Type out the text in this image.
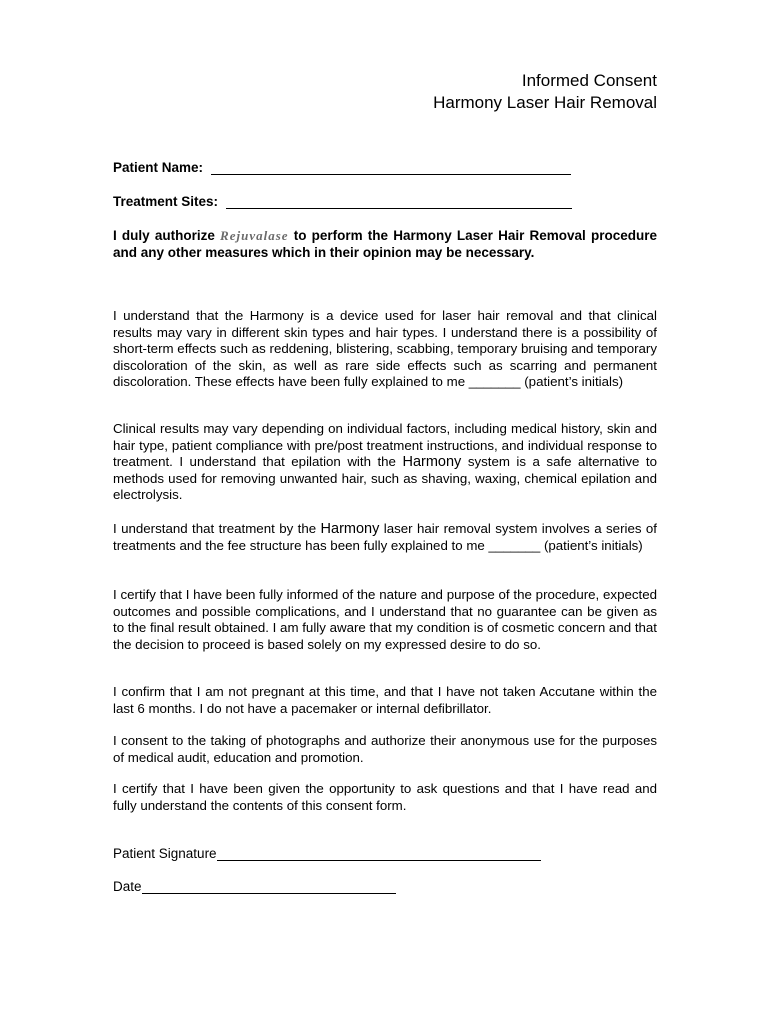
Informed Consent
Harmony Laser Hair Removal
Patient Name:
Treatment Sites:
I duly authorize Rejuvalase to perform the Harmony Laser Hair Removal procedure and any other measures which in their opinion may be necessary.

I understand that the Harmony is a device used for laser hair removal and that clinical results may vary in different skin types and hair types. I understand there is a possibility of short-term effects such as reddening, blistering, scabbing, temporary bruising and temporary discoloration of the skin, as well as rare side effects such as scarring and permanent discoloration. These effects have been fully explained to me _______ (patient’s initials)

Clinical results may vary depending on individual factors, including medical history, skin and hair type, patient compliance with pre/post treatment instructions, and individual response to treatment. I understand that epilation with the Harmony system is a safe alternative to methods used for removing unwanted hair, such as shaving, waxing, chemical epilation and electrolysis.

I understand that treatment by the Harmony laser hair removal system involves a series of treatments and the fee structure has been fully explained to me _______ (patient’s initials)

I certify that I have been fully informed of the nature and purpose of the procedure, expected outcomes and possible complications, and I understand that no guarantee can be given as to the final result obtained. I am fully aware that my condition is of cosmetic concern and that the decision to proceed is based solely on my expressed desire to do so.

I confirm that I am not pregnant at this time, and that I have not taken Accutane within the last 6 months. I do not have a pacemaker or internal defibrillator.

I consent to the taking of photographs and authorize their anonymous use for the purposes of medical audit, education and promotion.

I certify that I have been given the opportunity to ask questions and that I have read and fully understand the contents of this consent form.

Patient Signature
Date
